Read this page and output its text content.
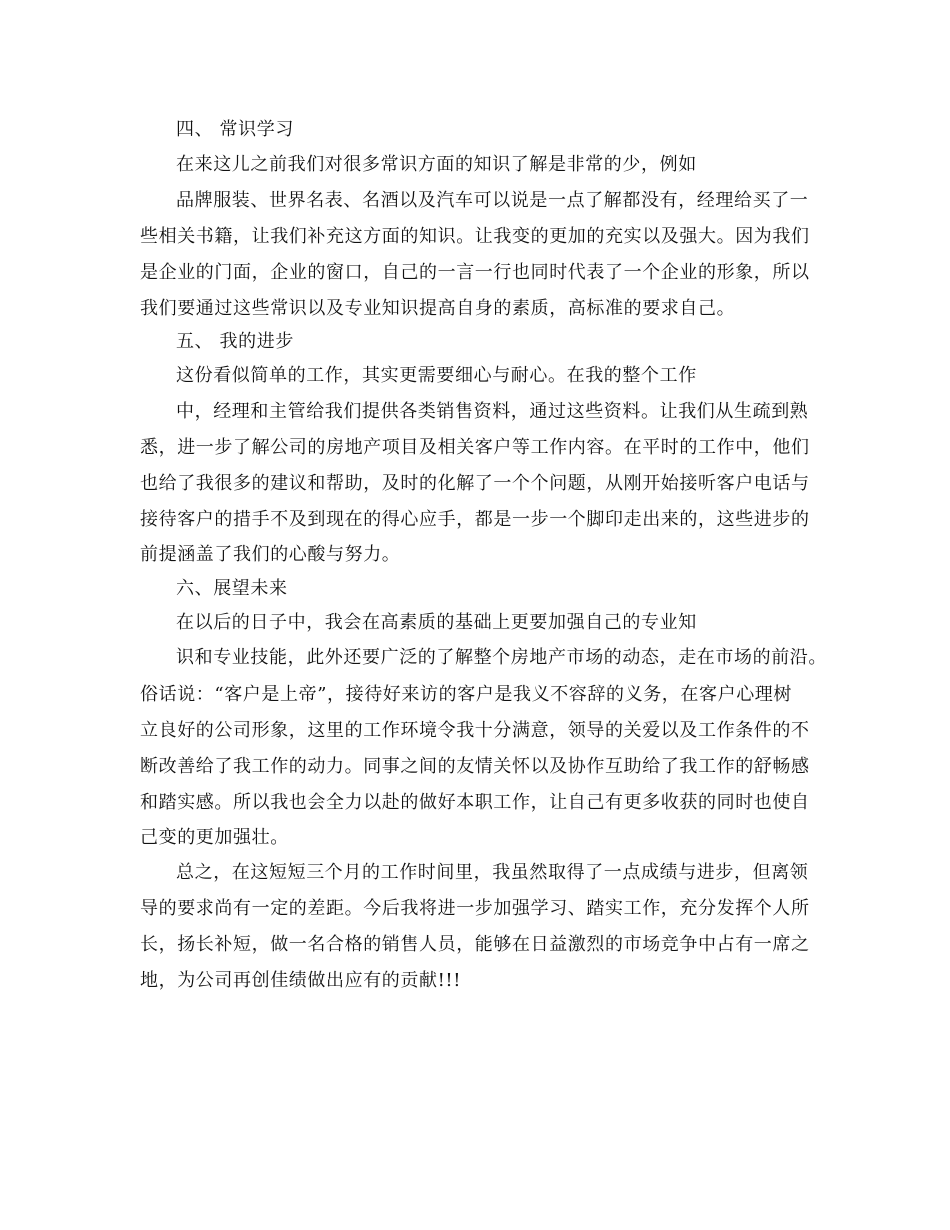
四、 常识学习

在来这儿之前我们对很多常识方面的知识了解是非常的少，例如

品牌服装、世界名表、名酒以及汽车可以说是一点了解都没有，经理给买了一

些相关书籍，让我们补充这方面的知识。让我变的更加的充实以及强大。因为我们

是企业的门面，企业的窗口，自己的一言一行也同时代表了一个企业的形象，所以

我们要通过这些常识以及专业知识提高自身的素质，高标准的要求自己。

五、 我的进步

这份看似简单的工作，其实更需要细心与耐心。在我的整个工作

中，经理和主管给我们提供各类销售资料，通过这些资料。让我们从生疏到熟

悉，进一步了解公司的房地产项目及相关客户等工作内容。在平时的工作中，他们

也给了我很多的建议和帮助，及时的化解了一个个问题，从刚开始接听客户电话与

接待客户的措手不及到现在的得心应手，都是一步一个脚印走出来的，这些进步的

前提涵盖了我们的心酸与努力。

六、展望未来

在以后的日子中，我会在高素质的基础上更要加强自己的专业知

识和专业技能，此外还要广泛的了解整个房地产市场的动态，走在市场的前沿。

俗话说：“客户是上帝”，接待好来访的客户是我义不容辞的义务，在客户心理树

立良好的公司形象，这里的工作环境令我十分满意，领导的关爱以及工作条件的不

断改善给了我工作的动力。同事之间的友情关怀以及协作互助给了我工作的舒畅感

和踏实感。所以我也会全力以赴的做好本职工作，让自己有更多收获的同时也使自

己变的更加强壮。

总之，在这短短三个月的工作时间里，我虽然取得了一点成绩与进步，但离领

导的要求尚有一定的差距。今后我将进一步加强学习、踏实工作，充分发挥个人所

长，扬长补短，做一名合格的销售人员，能够在日益激烈的市场竞争中占有一席之

地，为公司再创佳绩做出应有的贡献!!!
